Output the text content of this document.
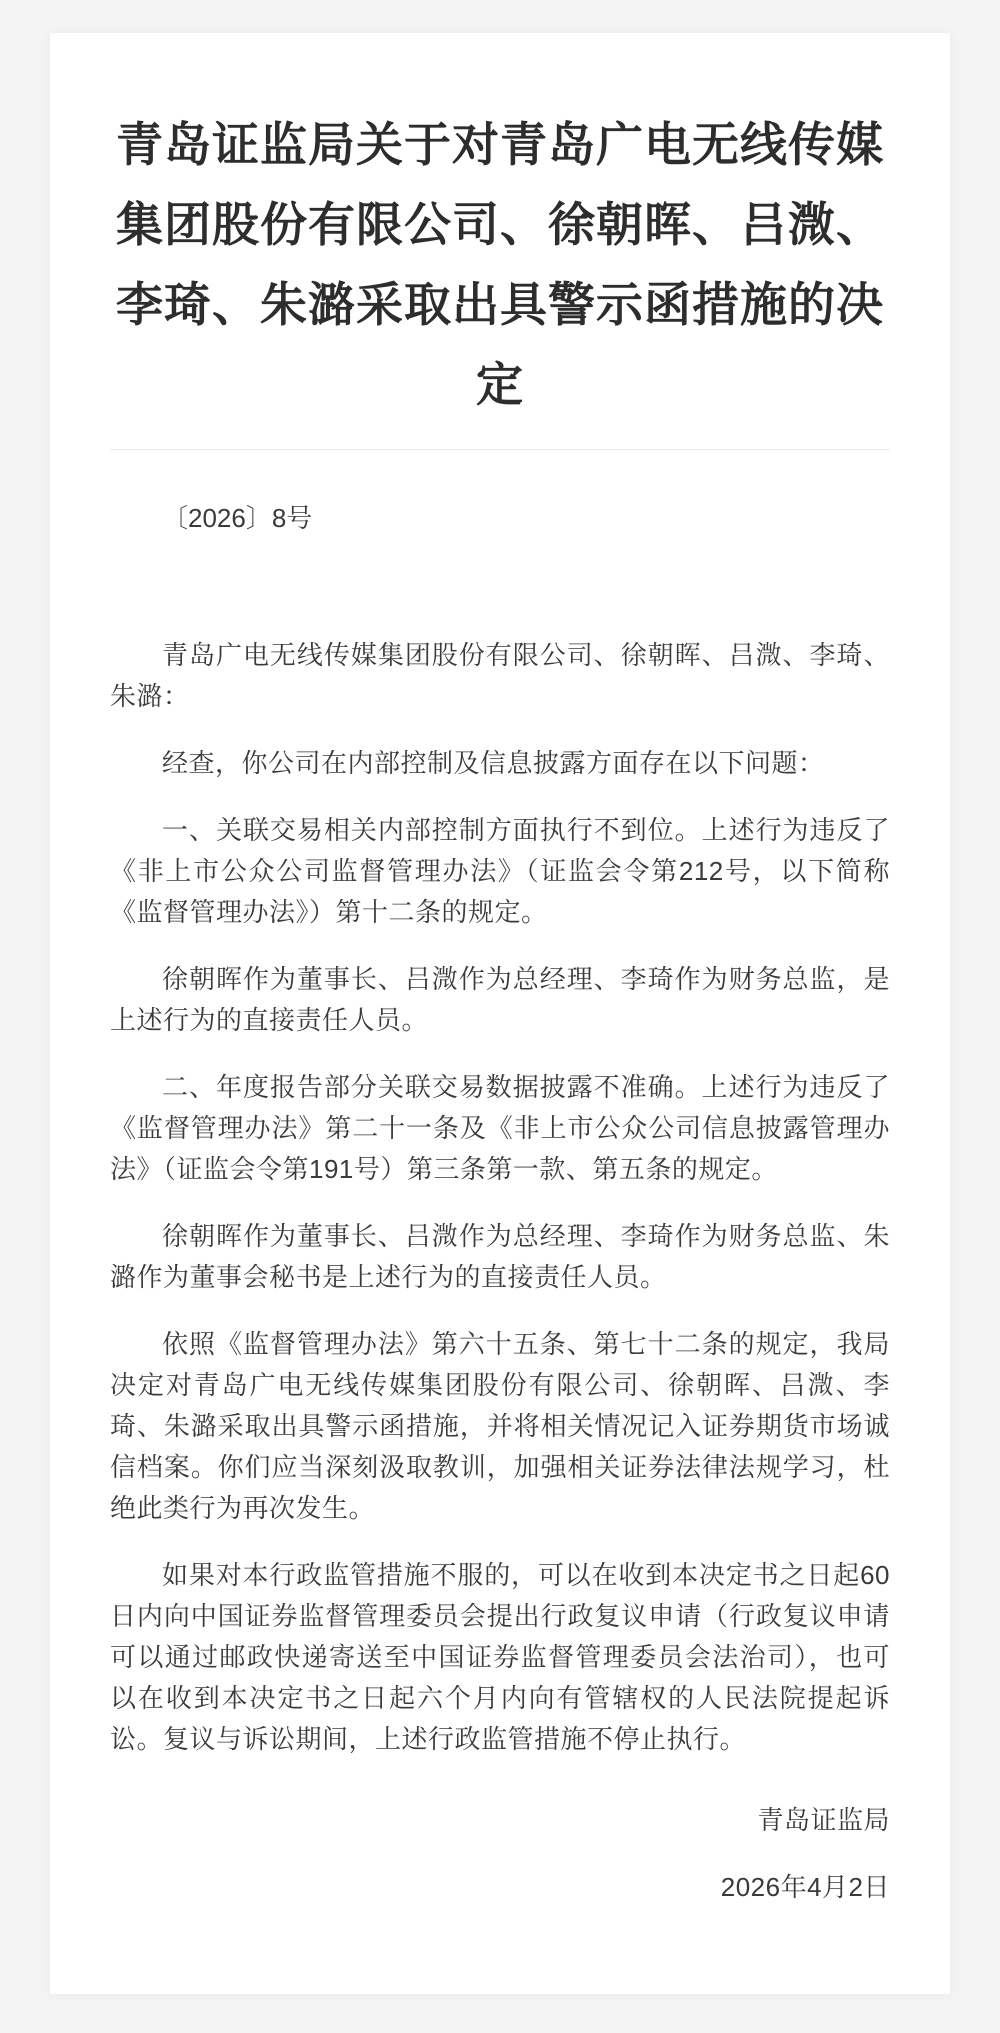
青岛证监局关于对青岛广电无线传媒集团股份有限公司、徐朝晖、吕溦、李琦、朱潞采取出具警示函措施的决定

〔2026〕8号

青岛广电无线传媒集团股份有限公司、徐朝晖、吕溦、李琦、朱潞：

经查，你公司在内部控制及信息披露方面存在以下问题：

一、关联交易相关内部控制方面执行不到位。上述行为违反了《非上市公众公司监督管理办法》（证监会令第212号，以下简称《监督管理办法》）第十二条的规定。

徐朝晖作为董事长、吕溦作为总经理、李琦作为财务总监，是上述行为的直接责任人员。

二、年度报告部分关联交易数据披露不准确。上述行为违反了《监督管理办法》第二十一条及《非上市公众公司信息披露管理办法》（证监会令第191号）第三条第一款、第五条的规定。

徐朝晖作为董事长、吕溦作为总经理、李琦作为财务总监、朱潞作为董事会秘书是上述行为的直接责任人员。

依照《监督管理办法》第六十五条、第七十二条的规定，我局决定对青岛广电无线传媒集团股份有限公司、徐朝晖、吕溦、李琦、朱潞采取出具警示函措施，并将相关情况记入证券期货市场诚信档案。你们应当深刻汲取教训，加强相关证券法律法规学习，杜绝此类行为再次发生。

如果对本行政监管措施不服的，可以在收到本决定书之日起60日内向中国证券监督管理委员会提出行政复议申请（行政复议申请可以通过邮政快递寄送至中国证券监督管理委员会法治司），也可以在收到本决定书之日起六个月内向有管辖权的人民法院提起诉讼。复议与诉讼期间，上述行政监管措施不停止执行。

青岛证监局

2026年4月2日
